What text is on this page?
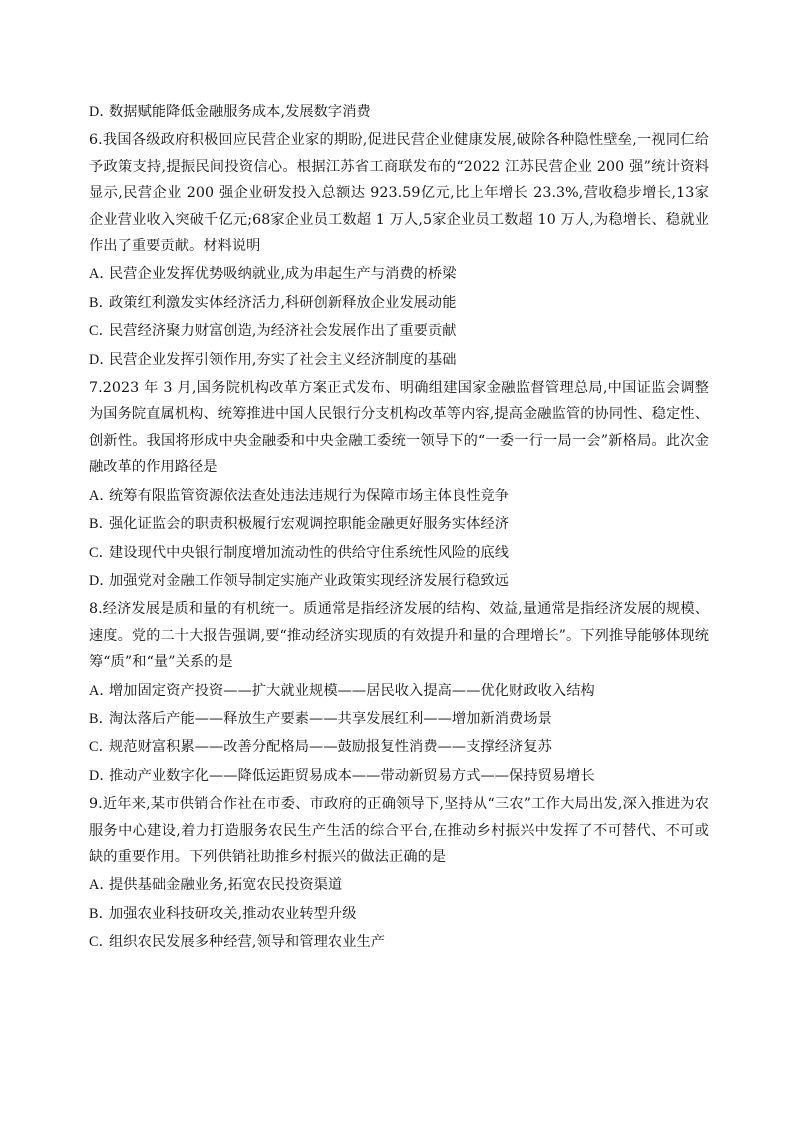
D．数据赋能降低金融服务成本,发展数字消费

6.我国各级政府积极回应民营企业家的期盼,促进民营企业健康发展,破除各种隐性壁垒,一视同仁给予政策支持,提振民间投资信心。根据江苏省工商联发布的“2022 江苏民营企业 200 强”统计资料显示,民营企业 200 强企业研发投入总额达 923.59亿元,比上年增长 23.3%,营收稳步增长,13家企业营业收入突破千亿元;68家企业员工数超 1 万人,5家企业员工数超 10 万人,为稳增长、稳就业作出了重要贡献。材料说明

A．民营企业发挥优势吸纳就业,成为串起生产与消费的桥梁

B．政策红利激发实体经济活力,科研创新释放企业发展动能

C．民营经济聚力财富创造,为经济社会发展作出了重要贡献

D．民营企业发挥引领作用,夯实了社会主义经济制度的基础

7.2023 年 3 月,国务院机构改革方案正式发布、明确组建国家金融监督管理总局,中国证监会调整为国务院直属机构、统筹推进中国人民银行分支机构改革等内容,提高金融监管的协同性、稳定性、创新性。我国将形成中央金融委和中央金融工委统一领导下的“一委一行一局一会”新格局。此次金融改革的作用路径是

A．统筹有限监管资源依法查处违法违规行为保障市场主体良性竞争

B．强化证监会的职责积极履行宏观调控职能金融更好服务实体经济

C．建设现代中央银行制度增加流动性的供给守住系统性风险的底线

D．加强党对金融工作领导制定实施产业政策实现经济发展行稳致远

8.经济发展是质和量的有机统一。质通常是指经济发展的结构、效益,量通常是指经济发展的规模、速度。党的二十大报告强调,要“推动经济实现质的有效提升和量的合理增长”。下列推导能够体现统筹“质”和“量”关系的是

A．增加固定资产投资——扩大就业规模——居民收入提高——优化财政收入结构

B．淘汰落后产能——释放生产要素——共享发展红利——增加新消费场景

C．规范财富积累——改善分配格局——鼓励报复性消费——支撑经济复苏

D．推动产业数字化——降低运距贸易成本——带动新贸易方式——保持贸易增长

9.近年来,某市供销合作社在市委、市政府的正确领导下,坚持从“三农”工作大局出发,深入推进为农服务中心建设,着力打造服务农民生产生活的综合平台,在推动乡村振兴中发挥了不可替代、不可或缺的重要作用。下列供销社助推乡村振兴的做法正确的是

A．提供基础金融业务,拓宽农民投资渠道

B．加强农业科技研攻关,推动农业转型升级

C．组织农民发展多种经营,领导和管理农业生产
